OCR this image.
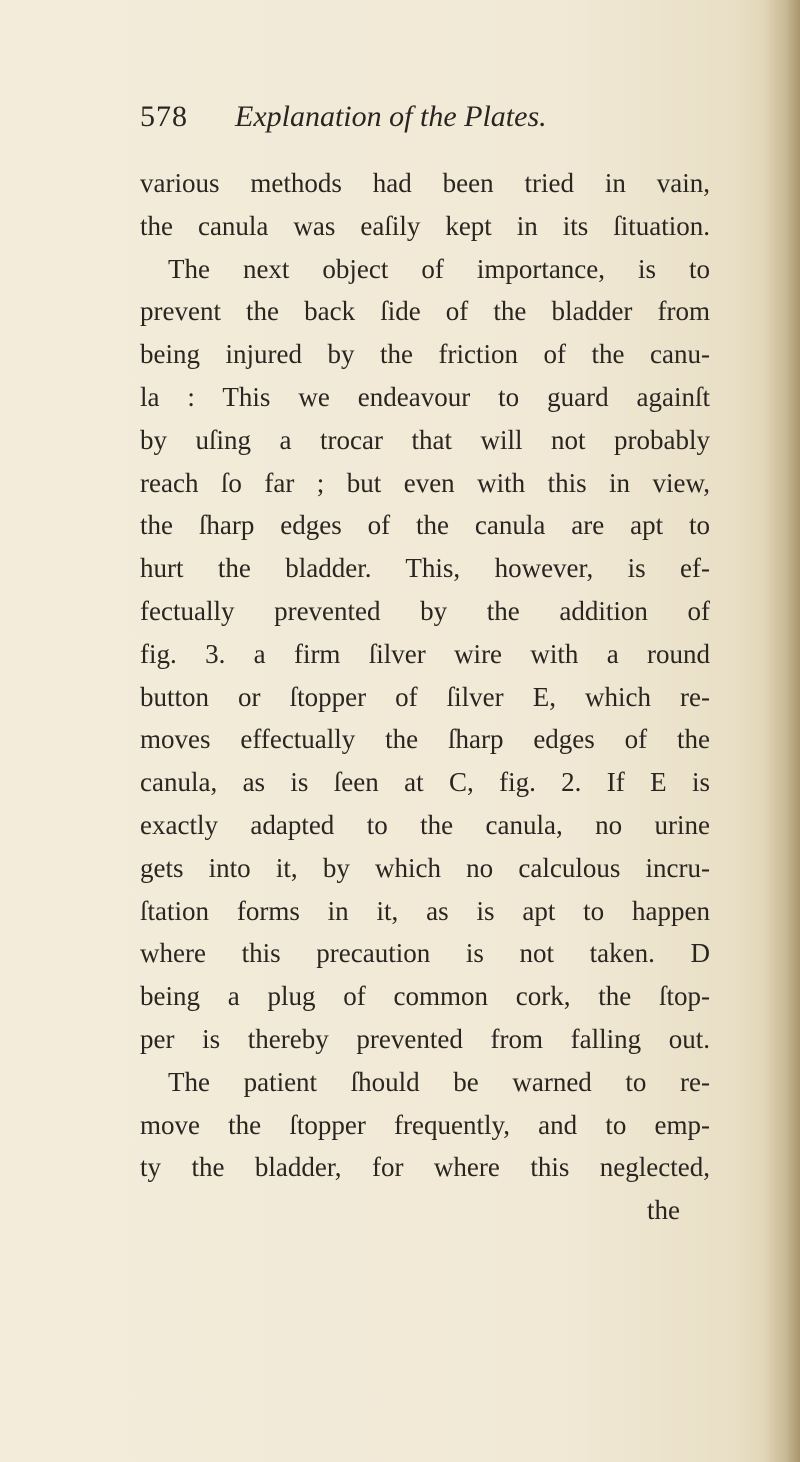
578 Explanation of the Plates.
various methods had been tried in vain,
the canula was eaſily kept in its ſituation.
The next object of importance, is to
prevent the back ſide of the bladder from
being injured by the friction of the canu-
la : This we endeavour to guard againſt
by uſing a trocar that will not probably
reach ſo far ; but even with this in view,
the ſharp edges of the canula are apt to
hurt the bladder. This, however, is ef-
fectually prevented by the addition of
fig. 3. a firm ſilver wire with a round
button or ſtopper of ſilver E, which re-
moves effectually the ſharp edges of the
canula, as is ſeen at C, fig. 2. If E is
exactly adapted to the canula, no urine
gets into it, by which no calculous incru-
ſtation forms in it, as is apt to happen
where this precaution is not taken. D
being a plug of common cork, the ſtop-
per is thereby prevented from falling out.
The patient ſhould be warned to re-
move the ſtopper frequently, and to emp-
ty the bladder, for where this neglected,
the
